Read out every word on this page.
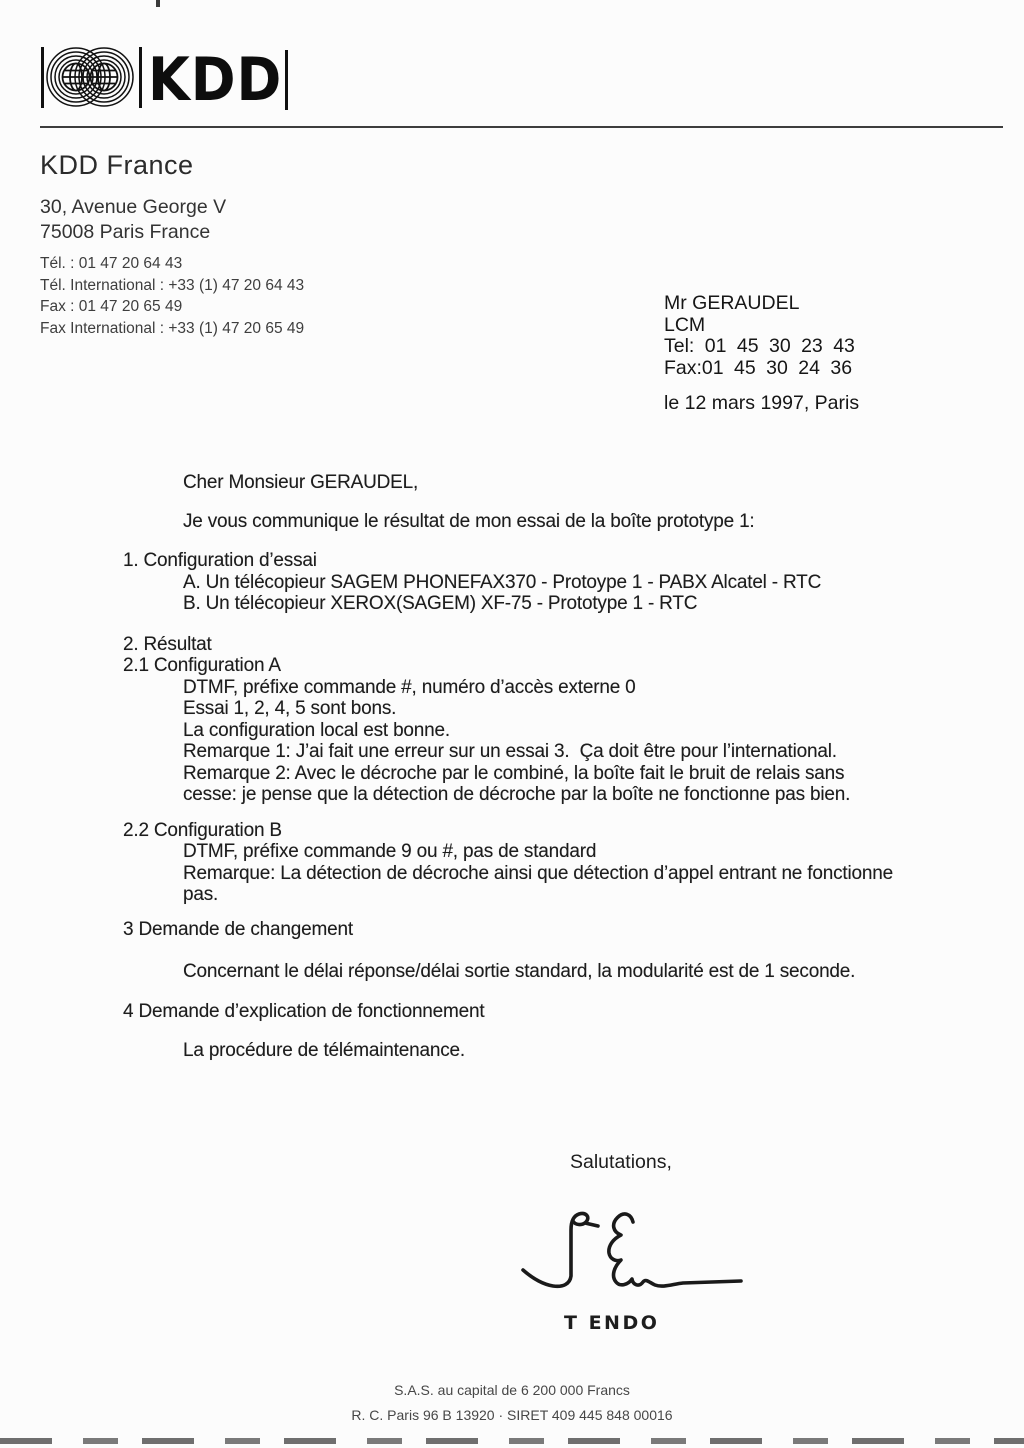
KDD
KDD France
30, Avenue George V
75008 Paris France
Tél. : 01 47 20 64 43
Tél. International : +33 (1) 47 20 64 43
Fax : 01 47 20 65 49
Fax International : +33 (1) 47 20 65 49
Mr GERAUDEL
LCM
Tel: 01 45 30 23 43
Fax:01 45 30 24 36
le 12 mars 1997, Paris
Cher Monsieur GERAUDEL,
Je vous communique le résultat de mon essai de la boîte prototype 1:
1. Configuration d’essai
A. Un télécopieur SAGEM PHONEFAX370 - Protoype 1 - PABX Alcatel - RTC
B. Un télécopieur XEROX(SAGEM) XF-75 - Prototype 1 - RTC
2. Résultat
2.1 Configuration A
DTMF, préfixe commande #, numéro d’accès externe 0
Essai 1, 2, 4, 5 sont bons.
La configuration local est bonne.
Remarque 1: J’ai fait une erreur sur un essai 3.  Ça doit être pour l’international.
Remarque 2: Avec le décroche par le combiné, la boîte fait le bruit de relais sans
cesse: je pense que la détection de décroche par la boîte ne fonctionne pas bien.
2.2 Configuration B
DTMF, préfixe commande 9 ou #, pas de standard
Remarque: La détection de décroche ainsi que détection d’appel entrant ne fonctionne
pas.
3 Demande de changement
Concernant le délai réponse/délai sortie standard, la modularité est de 1 seconde.
4 Demande d’explication de fonctionnement
La procédure de télémaintenance.
Salutations,
T ENDO
S.A.S. au capital de 6 200 000 Francs
R. C. Paris 96 B 13920 · SIRET 409 445 848 00016
